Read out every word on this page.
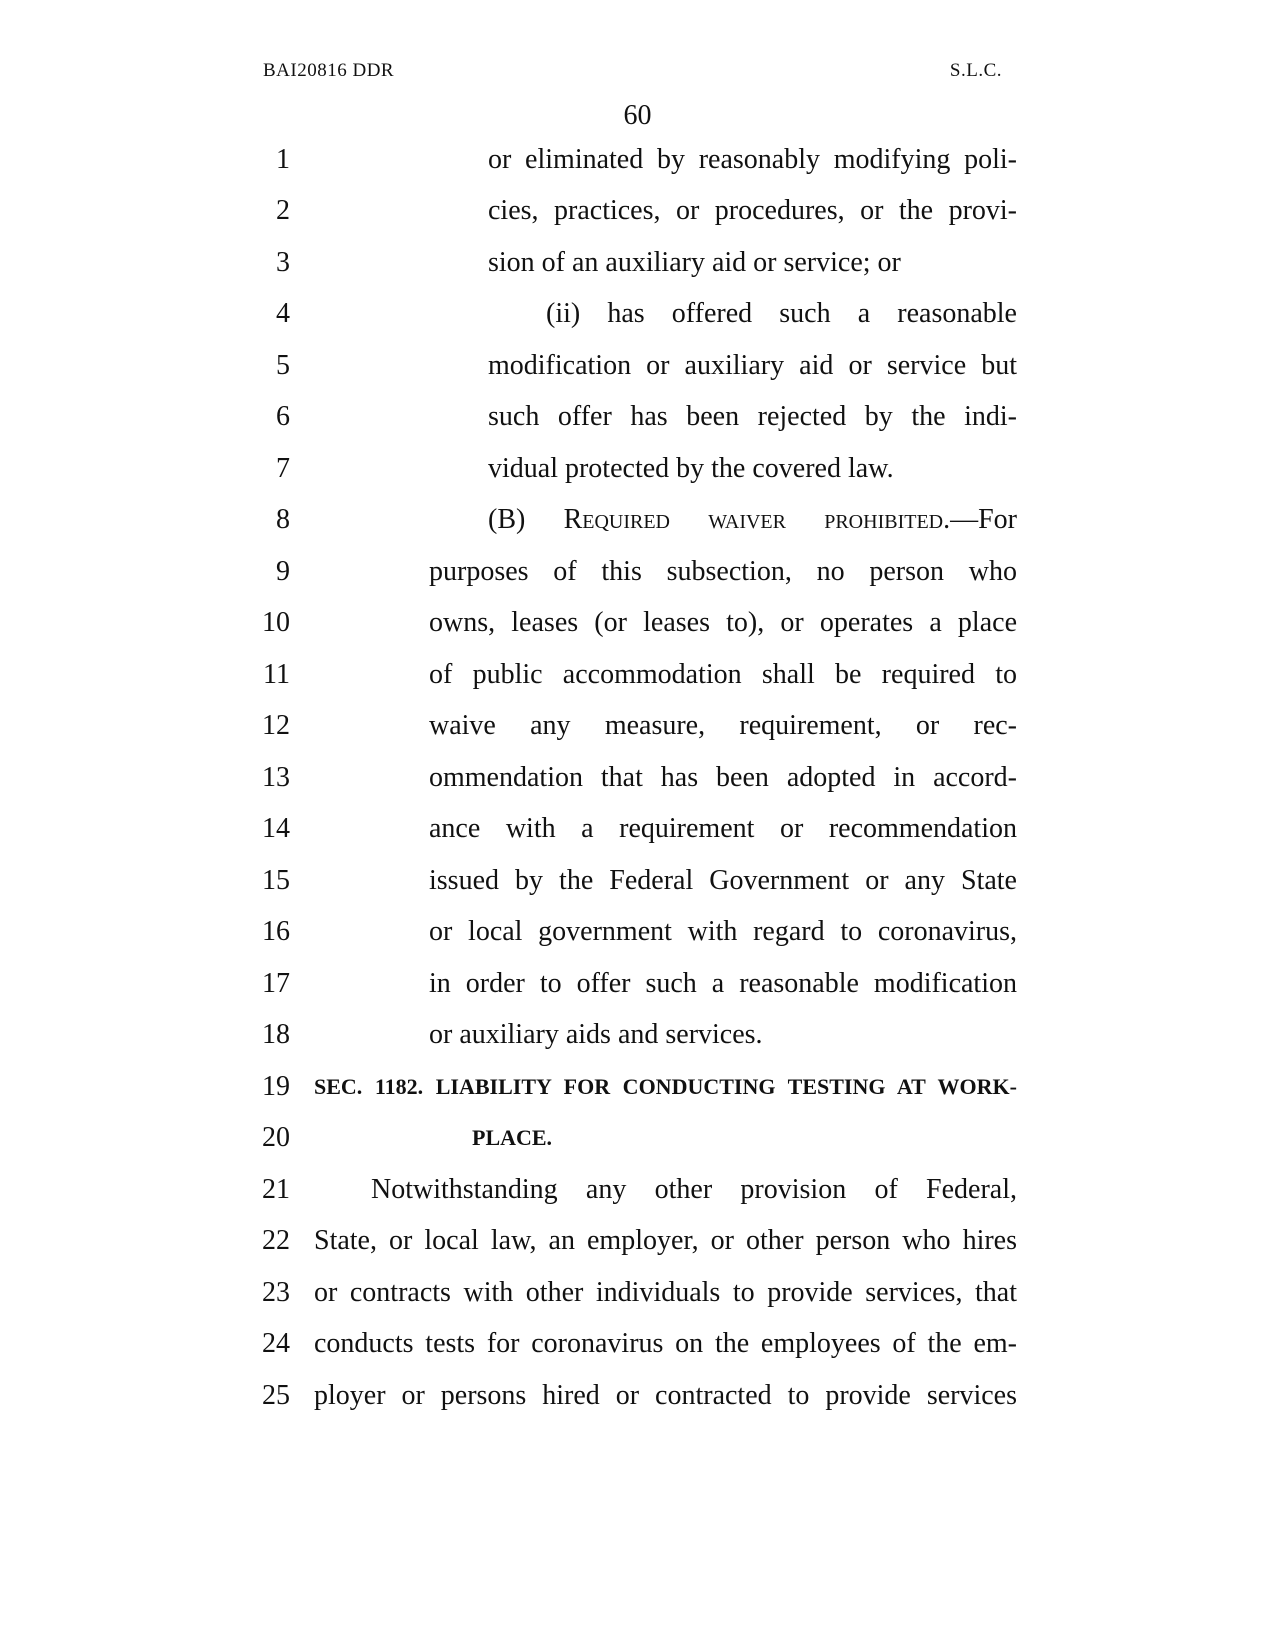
BAI20816 DDR	S.L.C.
60
1	or eliminated by reasonably modifying poli-
2	cies, practices, or procedures, or the provi-
3	sion of an auxiliary aid or service; or
4	(ii) has offered such a reasonable
5	modification or auxiliary aid or service but
6	such offer has been rejected by the indi-
7	vidual protected by the covered law.
8	(B) Required waiver prohibited.—For
9	purposes of this subsection, no person who
10	owns, leases (or leases to), or operates a place
11	of public accommodation shall be required to
12	waive any measure, requirement, or rec-
13	ommendation that has been adopted in accord-
14	ance with a requirement or recommendation
15	issued by the Federal Government or any State
16	or local government with regard to coronavirus,
17	in order to offer such a reasonable modification
18	or auxiliary aids and services.
19 SEC. 1182. LIABILITY FOR CONDUCTING TESTING AT WORK-
20	PLACE.
21	Notwithstanding any other provision of Federal,
22 State, or local law, an employer, or other person who hires
23 or contracts with other individuals to provide services, that
24 conducts tests for coronavirus on the employees of the em-
25 ployer or persons hired or contracted to provide services
